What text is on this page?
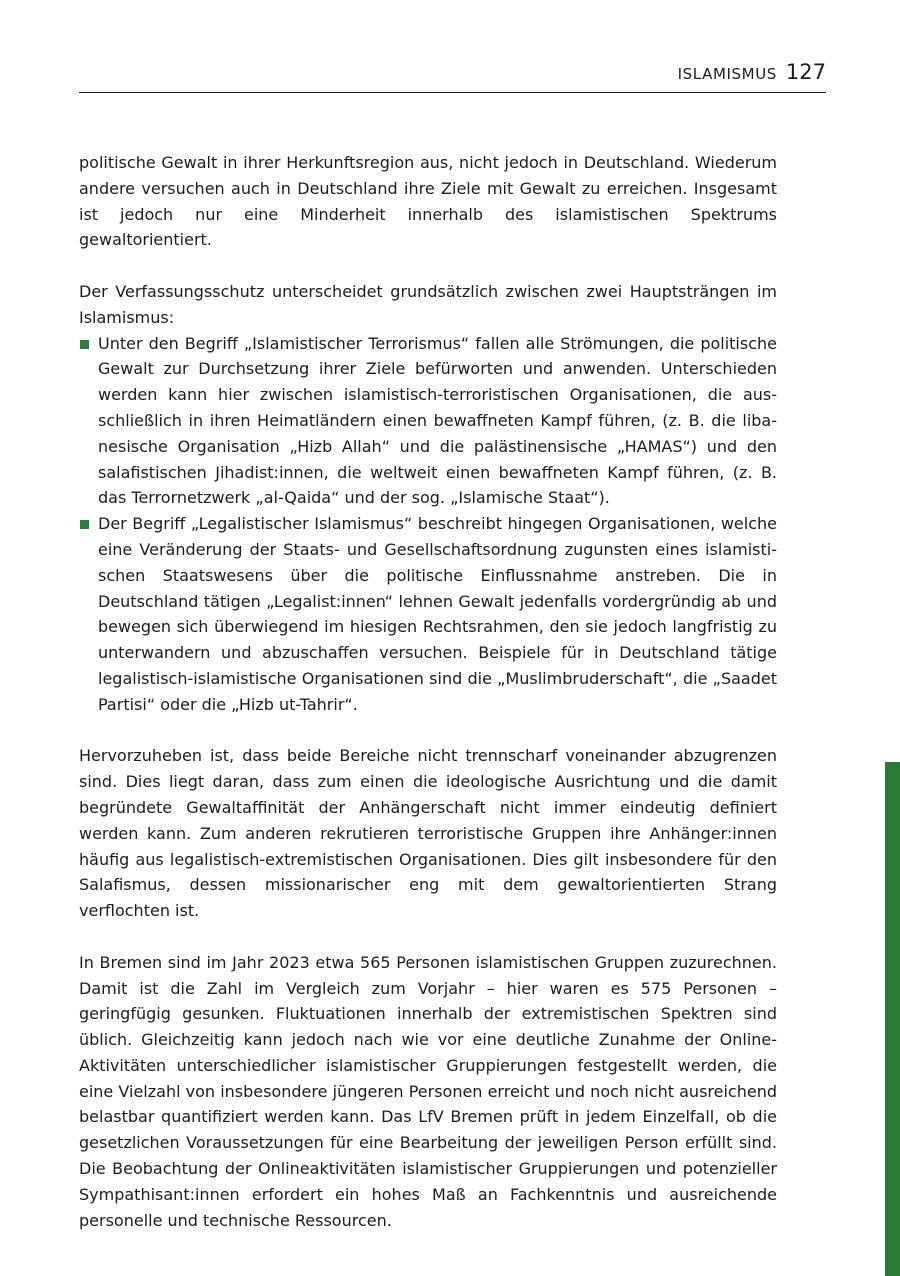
ISLAMISMUS 127

politische Gewalt in ihrer Herkunftsregion aus, nicht jedoch in Deutschland. Wiederum andere versuchen auch in Deutschland ihre Ziele mit Gewalt zu erreichen. Insgesamt ist jedoch nur eine Minderheit innerhalb des islamistischen Spektrums gewaltorientiert.

Der Verfassungsschutz unterscheidet grundsätzlich zwischen zwei Hauptsträngen im Islamismus:

Unter den Begriff „Islamistischer Terrorismus“ fallen alle Strömungen, die politische Gewalt zur Durchsetzung ihrer Ziele befürworten und anwenden. Unterschieden werden kann hier zwischen islamistisch-terroristischen Organisationen, die ausschließlich in ihren Heimatländern einen bewaffneten Kampf führen, (z. B. die libanesische Organisation „Hizb Allah“ und die palästinensische „HAMAS“) und den salafistischen Jihadist:innen, die weltweit einen bewaffneten Kampf führen, (z. B. das Terrornetzwerk „al-Qaida“ und der sog. „Islamische Staat“).
Der Begriff „Legalistischer Islamismus“ beschreibt hingegen Organisationen, welche eine Veränderung der Staats- und Gesellschaftsordnung zugunsten eines islamistischen Staatswesens über die politische Einflussnahme anstreben. Die in Deutschland tätigen „Legalist:innen“ lehnen Gewalt jedenfalls vordergründig ab und bewegen sich überwiegend im hiesigen Rechtsrahmen, den sie jedoch langfristig zu unterwandern und abzuschaffen versuchen. Beispiele für in Deutschland tätige legalistisch-islamistische Organisationen sind die „Muslimbruderschaft“, die „Saadet Partisi“ oder die „Hizb ut-Tahrir“.

Hervorzuheben ist, dass beide Bereiche nicht trennscharf voneinander abzugrenzen sind. Dies liegt daran, dass zum einen die ideologische Ausrichtung und die damit begründete Gewaltaffinität der Anhängerschaft nicht immer eindeutig definiert werden kann. Zum anderen rekrutieren terroristische Gruppen ihre Anhänger:innen häufig aus legalistisch-extremistischen Organisationen. Dies gilt insbesondere für den Salafismus, dessen missionarischer eng mit dem gewaltorientierten Strang verflochten ist.

In Bremen sind im Jahr 2023 etwa 565 Personen islamistischen Gruppen zuzurechnen. Damit ist die Zahl im Vergleich zum Vorjahr – hier waren es 575 Personen – geringfügig gesunken. Fluktuationen innerhalb der extremistischen Spektren sind üblich. Gleichzeitig kann jedoch nach wie vor eine deutliche Zunahme der Online-Aktivitäten unterschiedlicher islamistischer Gruppierungen festgestellt werden, die eine Vielzahl von insbesondere jüngeren Personen erreicht und noch nicht ausreichend belastbar quantifiziert werden kann. Das LfV Bremen prüft in jedem Einzelfall, ob die gesetzlichen Voraussetzungen für eine Bearbeitung der jeweiligen Person erfüllt sind. Die Beobachtung der Onlineaktivitäten islamistischer Gruppierungen und potenzieller Sympathisant:innen erfordert ein hohes Maß an Fachkenntnis und ausreichende personelle und technische Ressourcen.
